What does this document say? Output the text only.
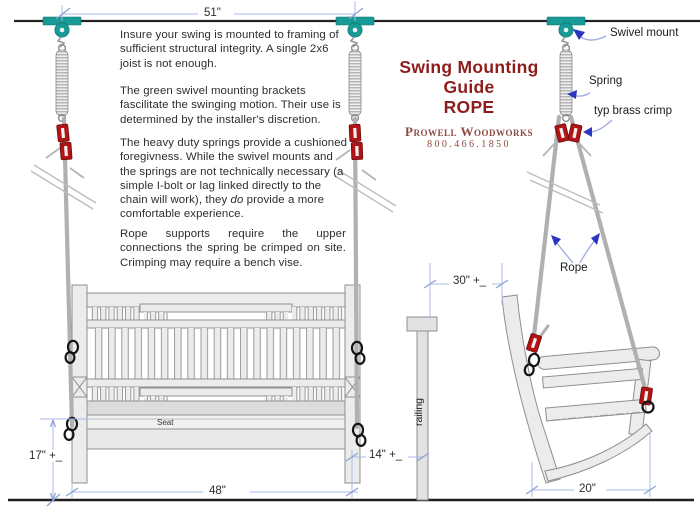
Insure your swing is mounted to framing of sufficient structural integrity. A single 2x6 joist is not enough.
The green swivel mounting brackets fascilitate the swinging motion. Their use is determined by the installer's discretion.
The heavy duty springs provide a cushioned foregivness. While the swivel mounts and the springs are not technically necessary (a simple I-bolt or lag linked directly to the chain will work), they do provide a more comfortable experience.
Rope supports require the upper connections the spring be crimped on site. Crimping may require a bench vise.
Swing Mounting Guide
ROPE
Prowell Woodworks
800.466.1850
Swivel mount
Spring
typ brass crimp
Rope
railing
Seat
51"
48"
17" +_	14" +_
30" +_
20"
